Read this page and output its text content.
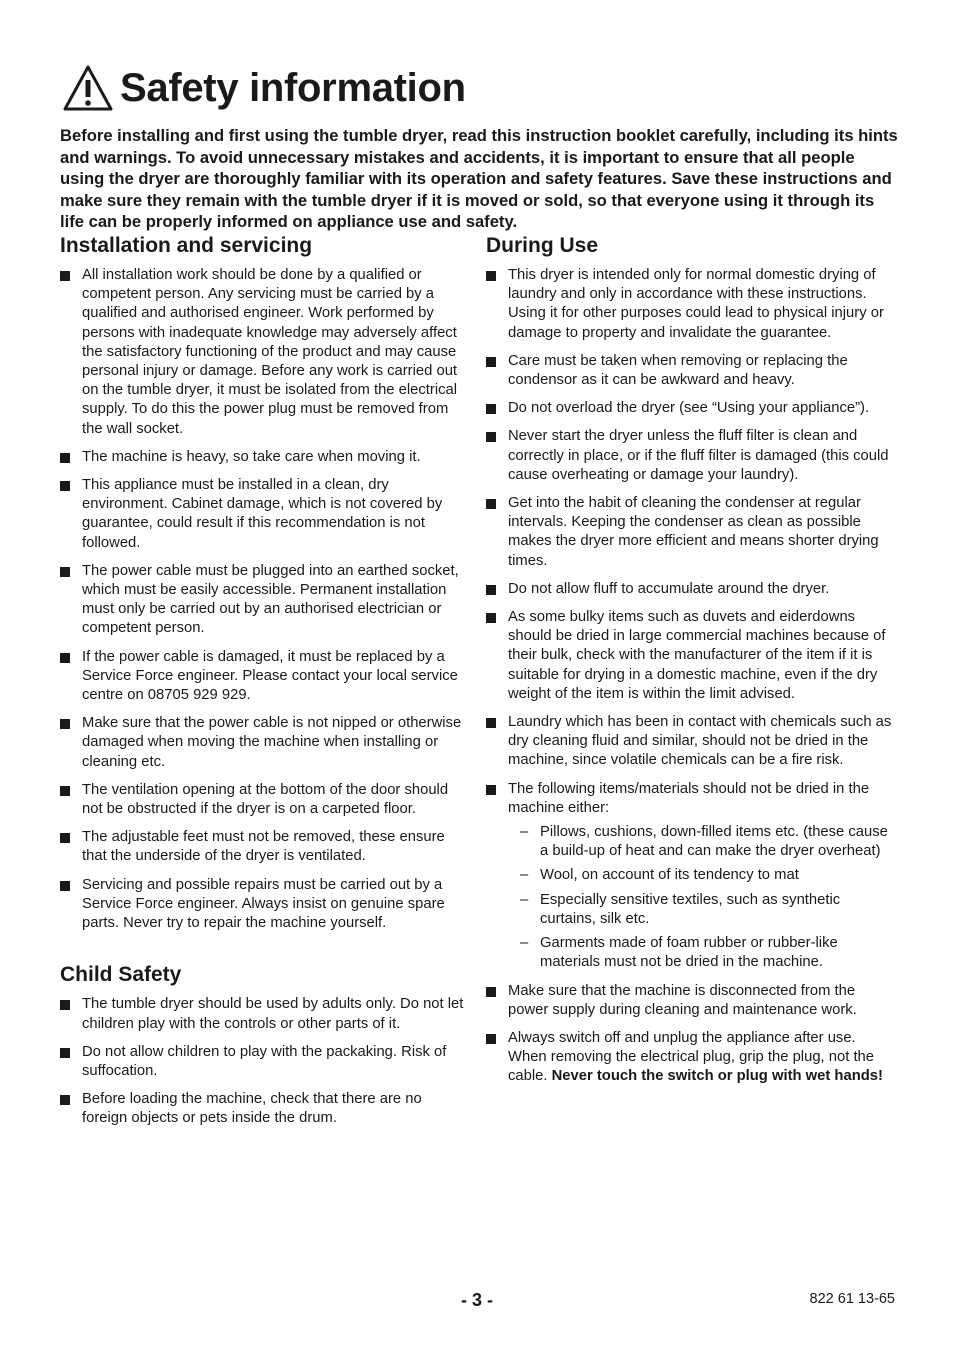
Safety information

Before installing and first using the tumble dryer, read this instruction booklet carefully, including its hints and warnings. To avoid unnecessary mistakes and accidents, it is important to ensure that all people using the dryer are thoroughly familiar with its operation and safety features. Save these instructions and make sure they remain with the tumble dryer if it is moved or sold, so that everyone using it through its life can be properly informed on appliance use and safety.

Installation and servicing
All installation work should be done by a qualified or competent person. Any servicing must be carried by a qualified and authorised engineer. Work performed by persons with inadequate knowledge may adversely affect the satisfactory functioning of the product and may cause personal injury or damage. Before any work is carried out on the tumble dryer, it must be isolated from the electrical supply. To do this the power plug must be removed from the wall socket.
The machine is heavy, so take care when moving it.
This appliance must be installed in a clean, dry environment. Cabinet damage, which is not covered by guarantee, could result if this recommendation is not followed.
The power cable must be plugged into an earthed socket, which must be easily accessible. Permanent installation must only be carried out by an authorised electrician or competent person.
If the power cable is damaged, it must be replaced by a Service Force engineer. Please contact your local service centre on 08705 929 929.
Make sure that the power cable is not nipped or otherwise damaged when moving the machine when installing or cleaning etc.
The ventilation opening at the bottom of the door should not be obstructed if the dryer is on a carpeted floor.
The adjustable feet must not be removed, these ensure that the underside of the dryer is ventilated.
Servicing and possible repairs must be carried out by a Service Force engineer. Always insist on genuine spare parts. Never try to repair the machine yourself.
Child Safety
The tumble dryer should be used by adults only. Do not let children play with the controls or other parts of it.
Do not allow children to play with the packaking. Risk of suffocation.
Before loading the machine, check that there are no foreign objects or pets inside the drum.
During Use
This dryer is intended only for normal domestic drying of laundry and only in accordance with these instructions. Using it for other purposes could lead to physical injury or damage to property and invalidate the guarantee.
Care must be taken when removing or replacing the condensor as it can be awkward and heavy.
Do not overload the dryer (see “Using your appliance”).
Never start the dryer unless the fluff filter is clean and correctly in place, or if the fluff filter is damaged (this could cause overheating or damage your laundry).
Get into the habit of cleaning the condenser at regular intervals. Keeping the condenser as clean as possible makes the dryer more efficient and means shorter drying times.
Do not allow fluff to accumulate around the dryer.
As some bulky items such as duvets and eiderdowns should be dried in large commercial machines because of their bulk, check with the manufacturer of the item if it is suitable for drying in a domestic machine, even if the dry weight of the item is within the limit advised.
Laundry which has been in contact with chemicals such as dry cleaning fluid and similar, should not be dried in the machine, since volatile chemicals can be a fire risk.
The following items/materials should not be dried in the machine either:
– Pillows, cushions, down-filled items etc. (these cause a build-up of heat and can make the dryer overheat)
– Wool, on account of its tendency to mat
– Especially sensitive textiles, such as synthetic curtains, silk etc.
– Garments made of foam rubber or rubber-like materials must not be dried in the machine.
Make sure that the machine is disconnected from the power supply during cleaning and maintenance work.
Always switch off and unplug the appliance after use. When removing the electrical plug, grip the plug, not the cable. Never touch the switch or plug with wet hands!
- 3 -	822 61 13-65
